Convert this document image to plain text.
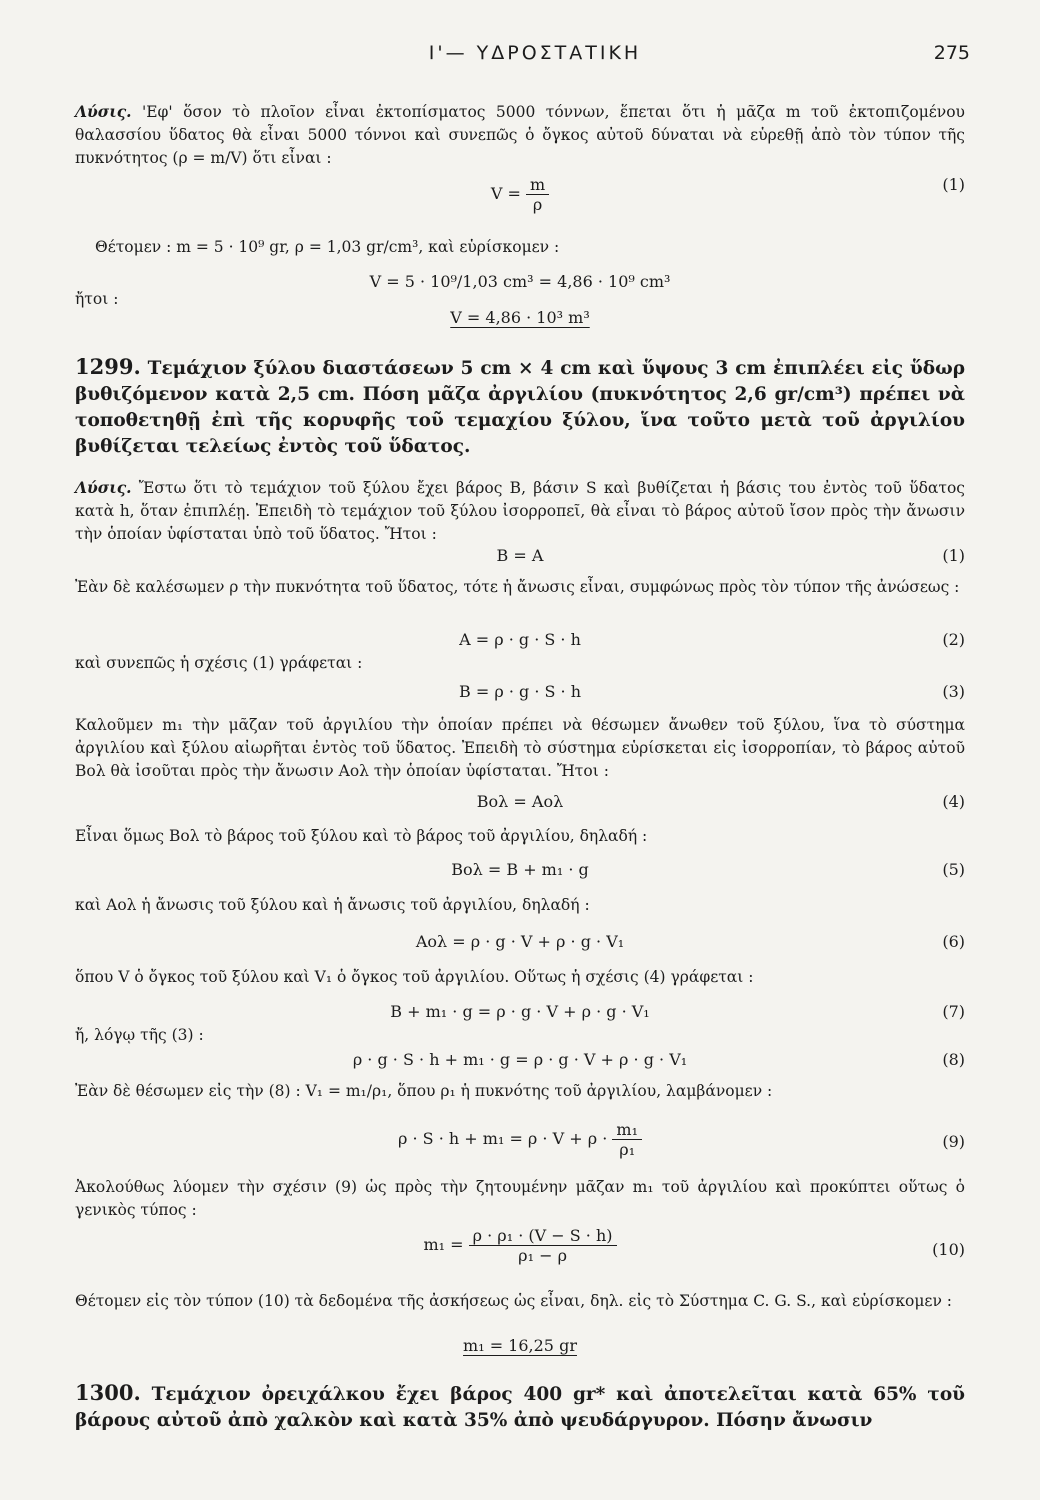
Ι'— ΥΔΡΟΣΤΑΤΙΚΗ	275
Λύσις. 'Εφ' ὅσον τὸ πλοῖον εἶναι ἐκτοπίσματος 5000 τόννων, ἕπεται ὅτι ἡ μᾶζα m τοῦ ἐκτοπιζομένου θαλασσίου ὕδατος θὰ εἶναι 5000 τόννοι καὶ συνεπῶς ὁ ὄγκος αὐτοῦ δύναται νὰ εὑρεθῇ ἀπὸ τὸν τύπον τῆς πυκνότητος (ρ = m/V) ὅτι εἶναι :
$V = \frac{m}{\rho}$	(1)
Θέτομεν : m = 5 · 10⁹ gr, ρ = 1,03 gr/cm³, καὶ εὑρίσκομεν :
ἤτοι :
V = 5 · 10⁹/1,03 cm³ = 4,86 · 10⁹ cm³
V = 4,86 · 10³ m³
1299. Τεμάχιον ξύλου διαστάσεων 5 cm × 4 cm καὶ ὕψους 3 cm ἐπιπλέει εἰς ὕδωρ βυθιζόμενον κατὰ 2,5 cm. Πόση μᾶζα ἀργιλίου (πυκνότητος 2,6 gr/cm³) πρέπει νὰ τοποθετηθῇ ἐπὶ τῆς κορυφῆς τοῦ τεμαχίου ξύλου, ἵνα τοῦτο μετὰ τοῦ ἀργιλίου βυθίζεται τελείως ἐντὸς τοῦ ὕδατος.
Λύσις. Ἔστω ὅτι τὸ τεμάχιον τοῦ ξύλου ἔχει βάρος Β, βάσιν S καὶ βυθίζεται ἡ βάσις του ἐντὸς τοῦ ὕδατος κατὰ h, ὅταν ἐπιπλέῃ. Ἐπειδὴ τὸ τεμάχιον τοῦ ξύλου ἰσορροπεῖ, θὰ εἶναι τὸ βάρος αὐτοῦ ἴσον πρὸς τὴν ἄνωσιν τὴν ὁποίαν ὑφίσταται ὑπὸ τοῦ ὕδατος. Ἤτοι :
B = A	(1)
Ἐὰν δὲ καλέσωμεν ρ τὴν πυκνότητα τοῦ ὕδατος, τότε ἡ ἄνωσις εἶναι, συμφώνως πρὸς τὸν τύπον τῆς ἀνώσεως :
A = ρ · g · S · h	(2)
καὶ συνεπῶς ἡ σχέσις (1) γράφεται :
B = ρ · g · S · h	(3)
Καλοῦμεν m₁ τὴν μᾶζαν τοῦ ἀργιλίου τὴν ὁποίαν πρέπει νὰ θέσωμεν ἄνωθεν τοῦ ξύλου, ἵνα τὸ σύστημα ἀργιλίου καὶ ξύλου αἰωρῆται ἐντὸς τοῦ ὕδατος. Ἐπειδὴ τὸ σύστημα εὑρίσκεται εἰς ἰσορροπίαν, τὸ βάρος αὐτοῦ Bολ θὰ ἰσοῦται πρὸς τὴν ἄνωσιν Aολ τὴν ὁποίαν ὑφίσταται. Ἤτοι :
Bολ = Aολ	(4)
Εἶναι ὅμως Bολ τὸ βάρος τοῦ ξύλου καὶ τὸ βάρος τοῦ ἀργιλίου, δηλαδή :
Bολ = B + m₁ · g	(5)
καὶ Aολ ἡ ἄνωσις τοῦ ξύλου καὶ ἡ ἄνωσις τοῦ ἀργιλίου, δηλαδή :
Aολ = ρ · g · V + ρ · g · V₁	(6)
ὅπου V ὁ ὄγκος τοῦ ξύλου καὶ V₁ ὁ ὄγκος τοῦ ἀργιλίου. Οὕτως ἡ σχέσις (4) γράφεται :
B + m₁ · g = ρ · g · V + ρ · g · V₁	(7)
ἤ, λόγῳ τῆς (3) :
ρ · g · S · h + m₁ · g = ρ · g · V + ρ · g · V₁	(8)
Ἐὰν δὲ θέσωμεν εἰς τὴν (8) : V₁ = m₁/ρ₁, ὅπου ρ₁ ἡ πυκνότης τοῦ ἀργιλίου, λαμβάνομεν :
$\rho \cdot S \cdot h + m_1 = \rho \cdot V + \rho \cdot \frac{\text{m₁}}{\text{ρ₁}}$	(9)
Ἀκολούθως λύομεν τὴν σχέσιν (9) ὡς πρὸς τὴν ζητουμένην μᾶζαν m₁ τοῦ ἀργιλίου καὶ προκύπτει οὕτως ὁ γενικὸς τύπος :
$m_1 = \frac{\text{ρ · ρ₁ · (V − S · h)}}{\text{ρ₁ − ρ}}$	(10)
Θέτομεν εἰς τὸν τύπον (10) τὰ δεδομένα τῆς ἀσκήσεως ὡς εἶναι, δηλ. εἰς τὸ Σύστημα C. G. S., καὶ εὑρίσκομεν :
m₁ = 16,25 gr
1300. Τεμάχιον ὀρειχάλκου ἔχει βάρος 400 gr* καὶ ἀποτελεῖται κατὰ 65% τοῦ βάρους αὐτοῦ ἀπὸ χαλκὸν καὶ κατὰ 35% ἀπὸ ψευδάργυρον. Πόσην ἄνωσιν
